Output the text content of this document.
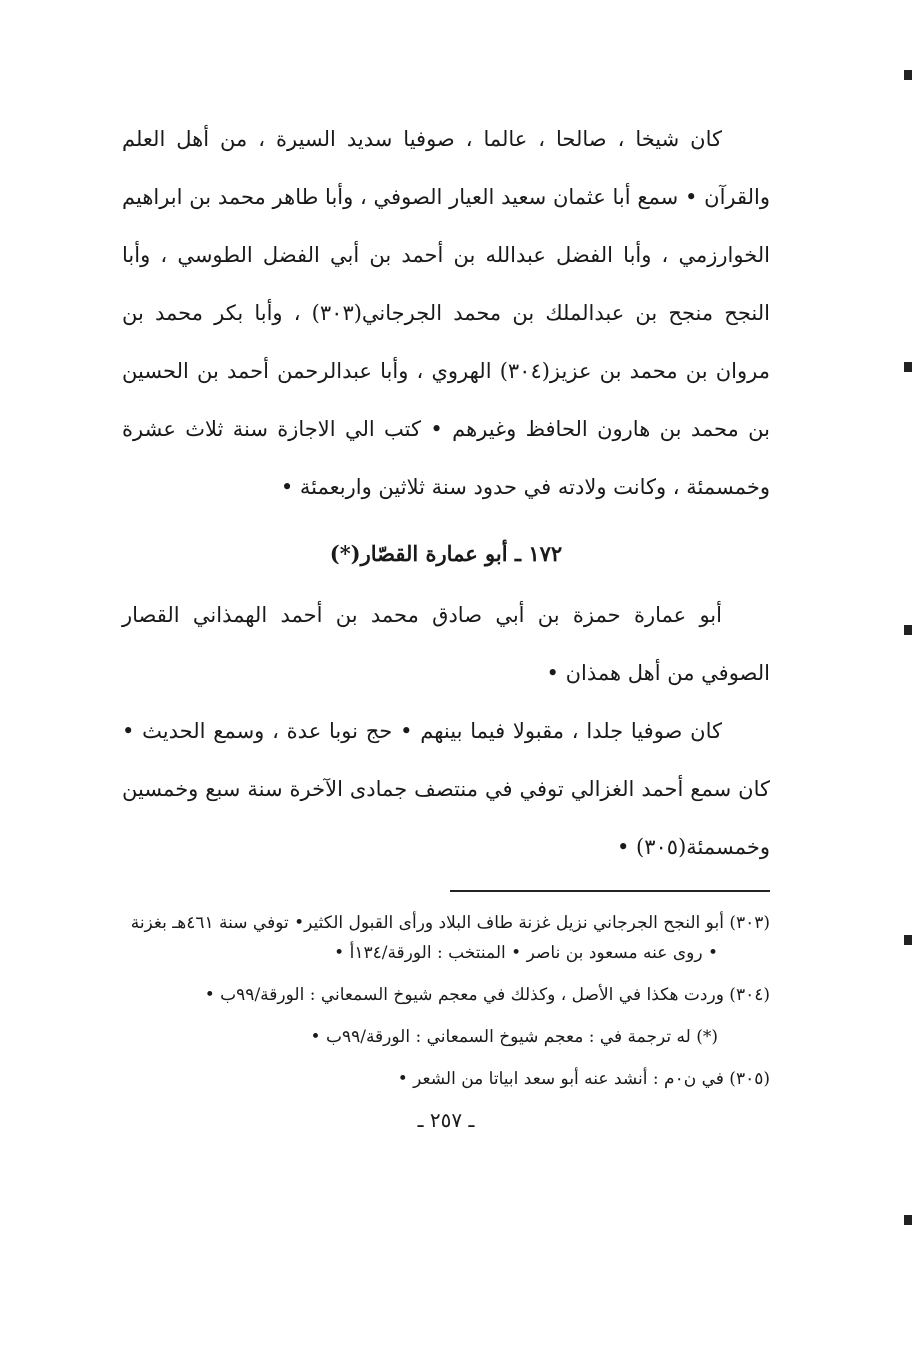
كان شيخا ، صالحا ، عالما ، صوفيا سديد السيرة ، من أهل العلم والقرآن • سمع أبا عثمان سعيد العيار الصوفي ، وأبا طاهر محمد بن ابراهيم الخوارزمي ، وأبا الفضل عبدالله بن أحمد بن أبي الفضل الطوسي ، وأبا النجح منجح بن عبدالملك بن محمد الجرجاني(٣٠٣) ، وأبا بكر محمد بن مروان بن محمد بن عزيز(٣٠٤) الهروي ، وأبا عبدالرحمن أحمد بن الحسين بن محمد بن هارون الحافظ وغيرهم • كتب الي الاجازة سنة ثلاث عشرة وخمسمئة ، وكانت ولادته في حدود سنة ثلاثين واربعمئة •

١٧٢ ـ أبو عمارة القصّار(*)

أبو عمارة حمزة بن أبي صادق محمد بن أحمد الهمذاني القصار الصوفي من أهل همذان •

كان صوفيا جلدا ، مقبولا فيما بينهم • حج نوبا عدة ، وسمع الحديث • كان سمع أحمد الغزالي توفي في منتصف جمادى الآخرة سنة سبع وخمسين وخمسمئة(٣٠٥) •

(٣٠٣) أبو النجح الجرجاني نزيل غزنة طاف البلاد ورأى القبول الكثير• توفي سنة ٤٦١هـ بغزنة • روى عنه مسعود بن ناصر • المنتخب : الورقة/١٣٤أ •

(٣٠٤) وردت هكذا في الأصل ، وكذلك في معجم شيوخ السمعاني : الورقة/٩٩ب •

(*) له ترجمة في : معجم شيوخ السمعاني : الورقة/٩٩ب •

(٣٠٥) في ن٠م : أنشد عنه أبو سعد ابياتا من الشعر •

ـ ٢٥٧ ـ
